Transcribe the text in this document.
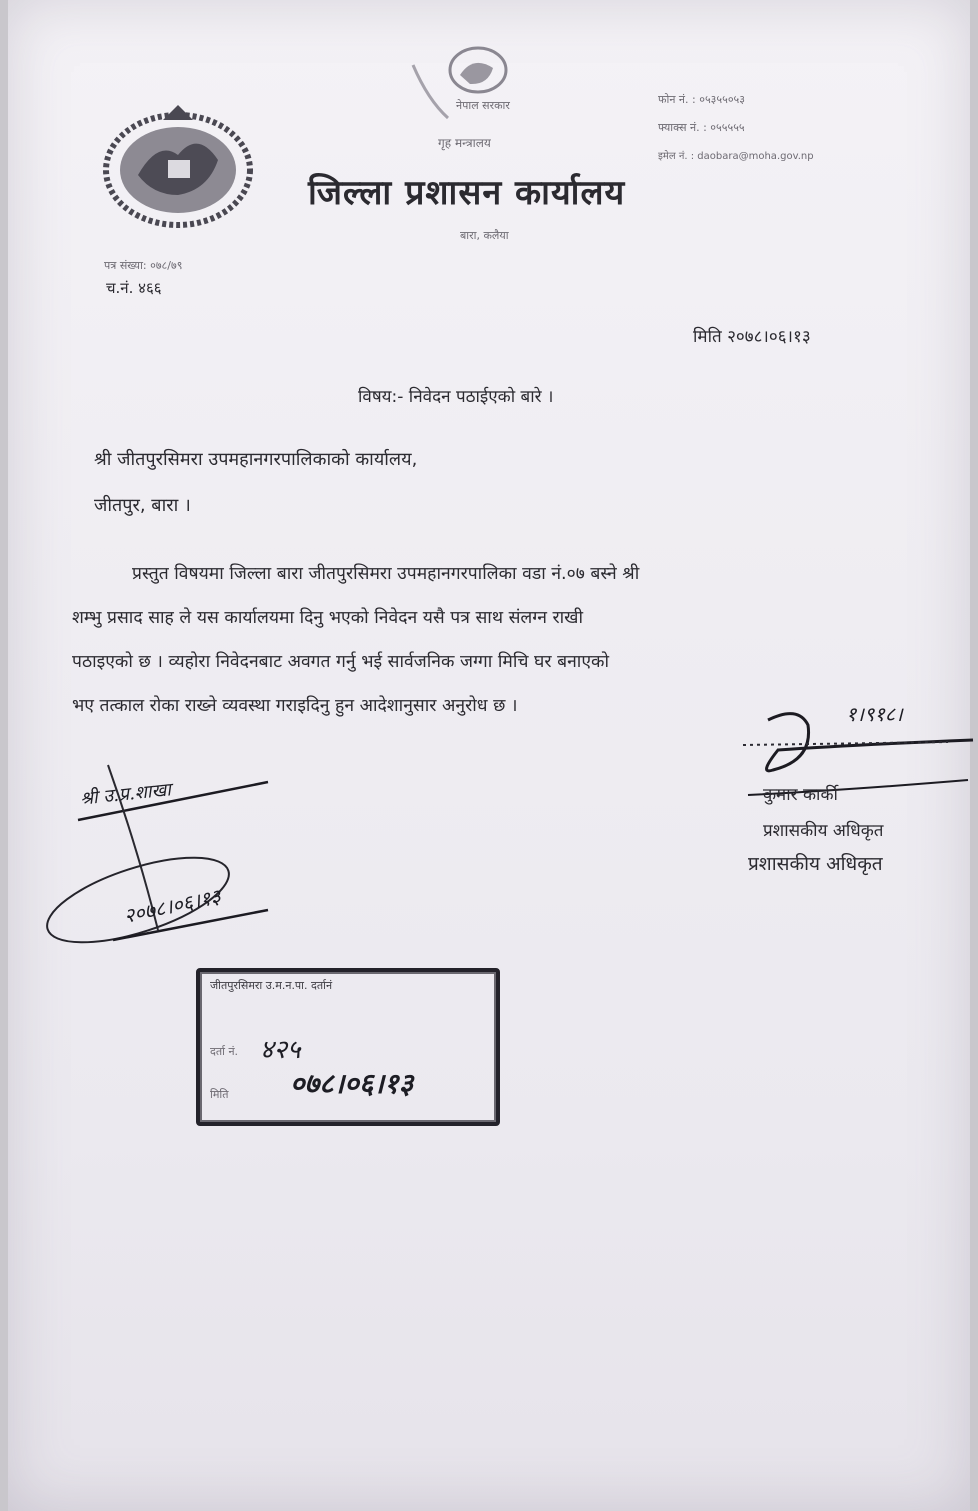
नेपाल सरकार
गृह मन्त्रालय
फोन नं. : ०५३५५०५३
फ्याक्स नं. : ०५५५५५
इमेल नं. : daobara@moha.gov.np
जिल्ला प्रशासन कार्यालय
बारा, कलैया
पत्र संख्या: ०७८/७९
च.नं. ४६६
मिति २०७८।०६।१३
विषय:- निवेदन पठाईएको बारे ।
श्री जीतपुरसिमरा उपमहानगरपालिकाको कार्यालय,
जीतपुर, बारा ।
प्रस्तुत विषयमा जिल्ला बारा जीतपुरसिमरा उपमहानगरपालिका वडा नं.०७ बस्ने श्री
शम्भु प्रसाद साह ले यस कार्यालयमा दिनु भएको निवेदन यसै पत्र साथ संलग्न राखी
पठाइएको छ । व्यहोरा निवेदनबाट अवगत गर्नु भई सार्वजनिक जग्गा मिचि घर बनाएको
भए तत्काल रोका राख्ने व्यवस्था गराइदिनु हुन आदेशानुसार अनुरोध छ ।	१।९१८।
कुमार कार्की
प्रशासकीय अधिकृत
प्रशासकीय अधिकृत
श्री उ.प्र.शाखा
२०७८।०६।१३
जीतपुरसिमरा उ.म.न.पा. दर्तानं
दर्ता नं. ४२५
मिति ०७८।०६।१३
